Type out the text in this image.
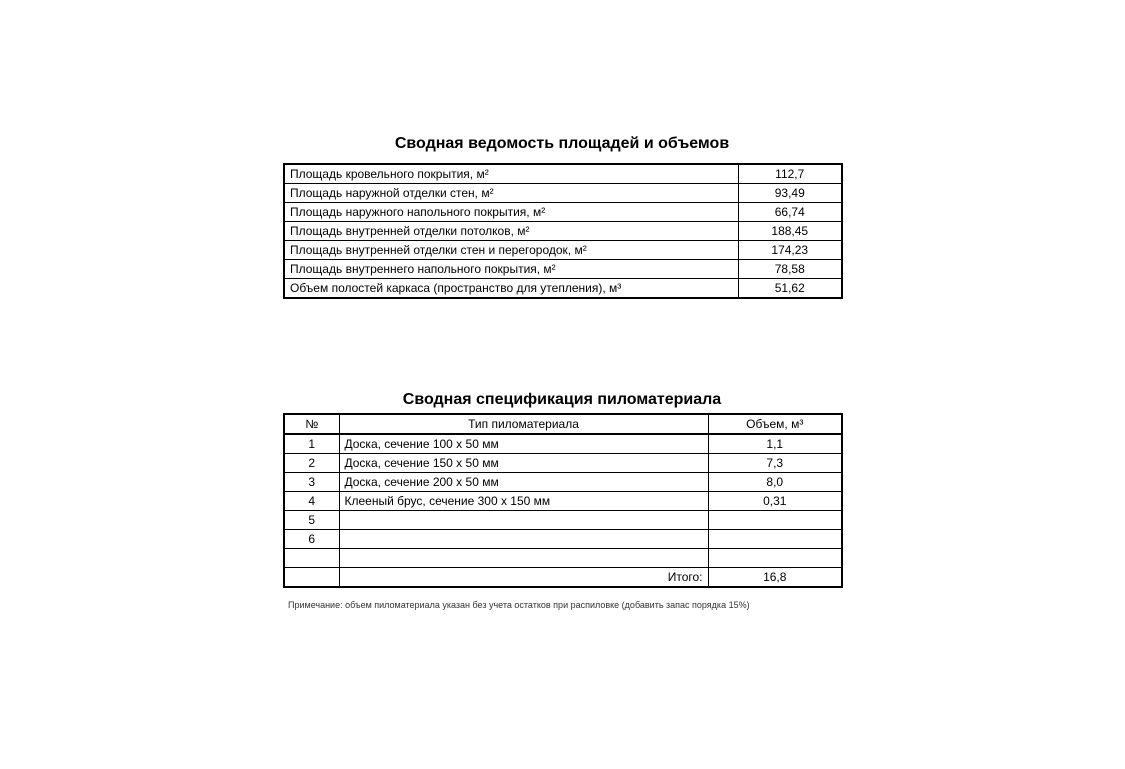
Сводная ведомость площадей и объемов
Площадь кровельного покрытия, м²	112,7
Площадь наружной отделки стен, м²	93,49
Площадь наружного напольного покрытия, м²	66,74
Площадь внутренней отделки потолков, м²	188,45
Площадь внутренней отделки стен и перегородок, м²	174,23
Площадь внутреннего напольного покрытия, м²	78,58
Объем полостей каркаса (пространство для утепления), м³	51,62
Сводная спецификация пиломатериала
№	Тип пиломатериала	Объем, м³
1	Доска, сечение 100 х 50 мм	1,1
2	Доска, сечение 150 х 50 мм	7,3
3	Доска, сечение 200 х 50 мм	8,0
4	Клееный брус, сечение 300 х 150 мм	0,31
5		
6		

	Итого:	16,8
Примечание: объем пиломатериала указан без учета остатков при распиловке (добавить запас порядка 15%)
